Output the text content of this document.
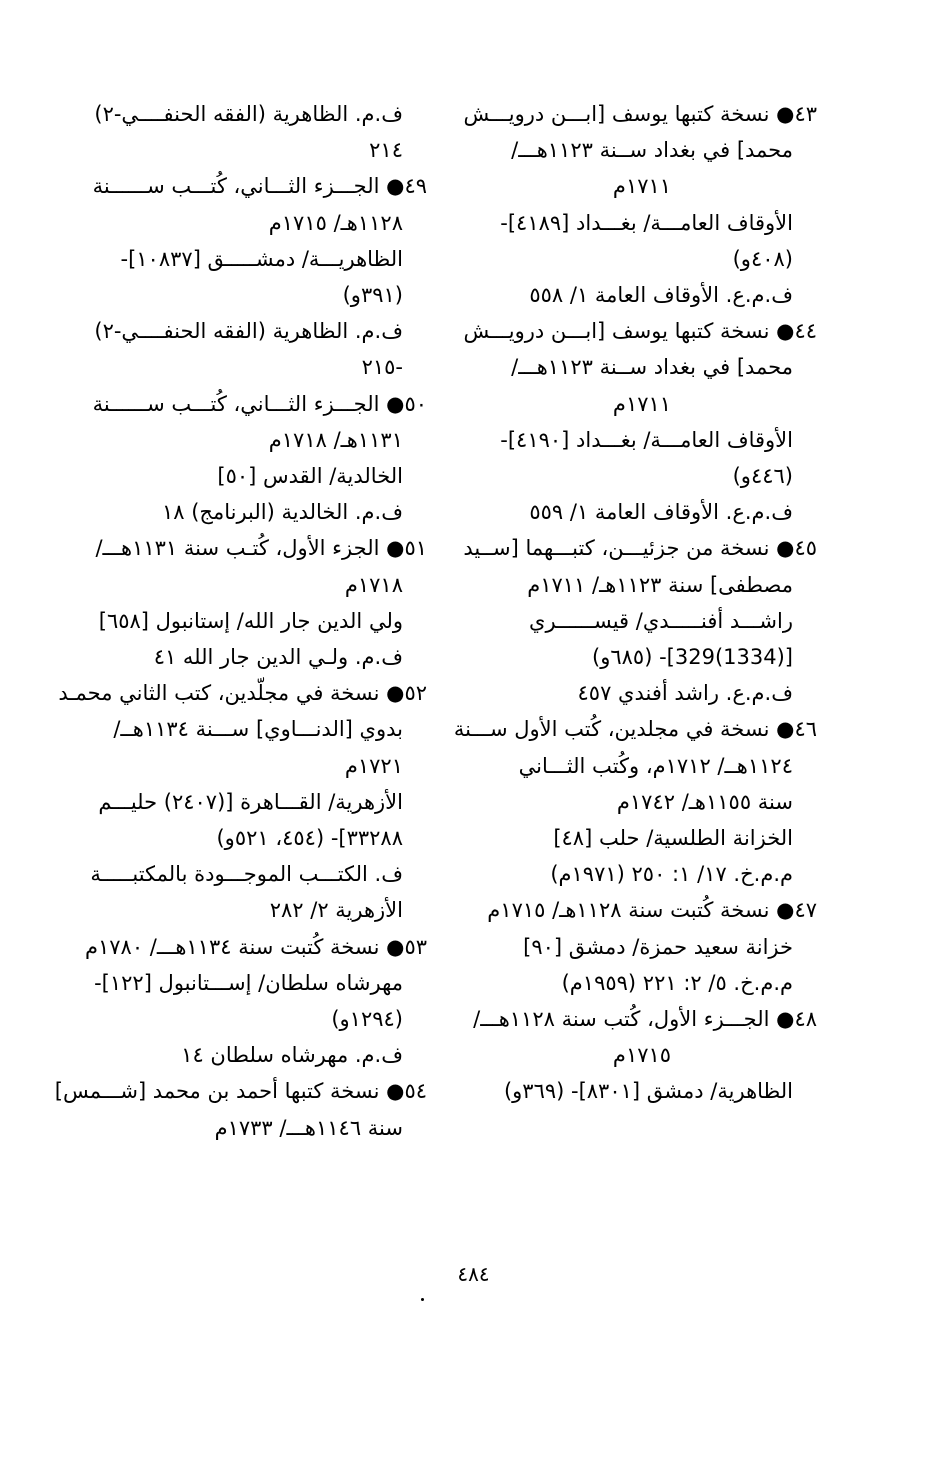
٤٣● نسخة كتبها يوسف [ابـــن درويـــش
محمد] في بغداد ســنة ١١٢٣هـــ/
١٧١١م
الأوقاف العامـــة/ بغـــداد [٤١٨٩]-
(٤٠٨و)
ف.م.ع. الأوقاف العامة ١/ ٥٥٨
٤٤● نسخة كتبها يوسف [ابـــن درويـــش
محمد] في بغداد ســنة ١١٢٣هـــ/
١٧١١م
الأوقاف العامـــة/ بغـــداد [٤١٩٠]-
(٤٤٦و)
ف.م.ع. الأوقاف العامة ١/ ٥٥٩
٤٥● نسخة من جزئيـــن، كتبـــهما [ســيد
مصطفى] سنة ١١٢٣هـ/ ١٧١١م
راشـــد أفنـــــدي/ قيســــــري
[(1334)329]- (٦٨٥و)
ف.م.ع. راشد أفندي ٤٥٧
٤٦● نسخة في مجلدين، كُتب الأول ســـنة
١١٢٤هــ/ ١٧١٢م، وكُتب الثـــاني
سنة ١١٥٥هـ/ ١٧٤٢م
الخزانة الطلسية/ حلب [٤٨]
م.م.خ. ١٧/ ١: ٢٥٠ (١٩٧١م)
٤٧● نسخة كُتبت سنة ١١٢٨هـ/ ١٧١٥م
خزانة سعيد حمزة/ دمشق [٩٠]
م.م.خ. ٥/ ٢: ٢٢١ (١٩٥٩م)
٤٨● الجـــزء الأول، كُتب سنة ١١٢٨هـــ/
١٧١٥م
الظاهرية/ دمشق [٨٣٠١]- (٣٦٩و)
ف.م. الظاهرية (الفقه الحنفــــي-٢)
٢١٤
٤٩● الجـــزء الثـــاني، كُتـــب ســــــنة
١١٢٨هـ/ ١٧١٥م
الظاهريـــة/ دمشـــــق [١٠٨٣٧]-
(٣٩١و)
ف.م. الظاهرية (الفقه الحنفــــي-٢)
-٢١٥
٥٠● الجـــزء الثـــاني، كُتـــب ســــــنة
١١٣١هـ/ ١٧١٨م
الخالدية/ القدس [٥٠]
ف.م. الخالدية (البرنامج) ١٨
٥١● الجزء الأول، كُتـب سنة ١١٣١هـــ/
١٧١٨م
ولي الدين جار الله/ إستانبول [٦٥٨]
ف.م. ولـي الدين جار الله ٤١
٥٢● نسخة في مجلّدين، كتب الثاني محمـد
بدوي [الدنـــاوي] ســـنة ١١٣٤هــ/
١٧٢١م
الأزهرية/ القـــاهرة [(٢٤٠٧) حليـــم
٣٣٢٨٨]- (٤٥٤، ٥٢١و)
ف. الكتـــب الموجـــودة بالمكتبـــــة
الأزهرية ٢/ ٢٨٢
٥٣● نسخة كُتبت سنة ١١٣٤هـــ/ ١٧٨٠م
مهرشاه سلطان/ إســـتانبول [١٢٢]-
(١٢٩٤و)
ف.م. مهرشاه سلطان ١٤
٥٤● نسخة كتبها أحمد بن محمد [شـــمس]
سنة ١١٤٦هـــ/ ١٧٣٣م
٤٨٤
